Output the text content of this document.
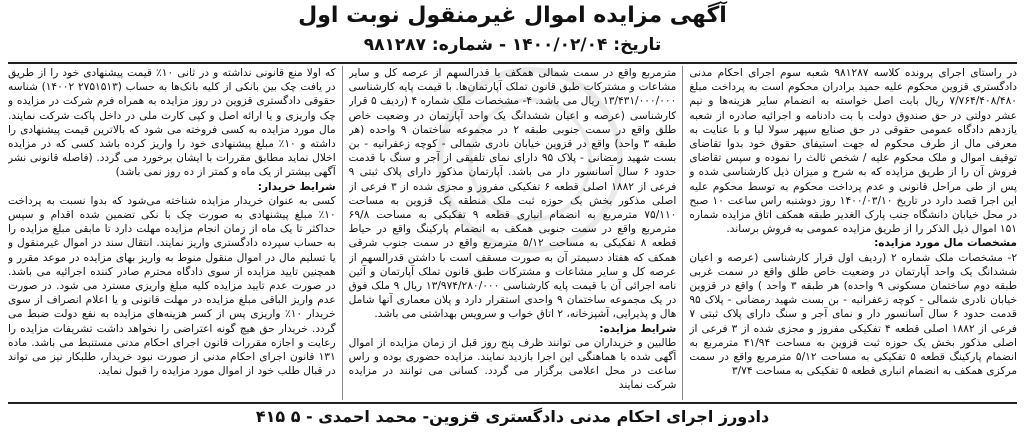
آگهی مزایده اموال غیرمنقول نوبت اول
تاریخ: ۱۴۰۰/۰۲/۰۴ - شماره: ۹۸۱۲۸۷

در راستای اجرای پرونده کلاسه ۹۸۱۲۸۷ شعبه سوم اجرای احکام مدنی دادگستری قزوین محکوم علیه حمید برادران محکوم است به پرداخت مبلغ ۷/۷۶۴/۴۰۸/۴۸۰ ریال بابت اصل خواسته به انضمام سایر هزینه‌ها و نیم عشر دولتی در حق صندوق دولت با بت دادنامه و اجرائیه صادره از شعبه یازدهم دادگاه عمومی حقوقی در حق صنایع سپهر سولا لیا و با عنایت به معرفی مال از طرف محکوم له جهت استیفای حقوق خود بدوا تقاضای توقیف اموال و ملک محکوم علیه / شخص ثالث را نموده و سپس تقاضای فروش آن را از طریق مزایده که به شرح و میزان ذیل کارشناسی شده و پس از طی مراحل قانونی و عدم پرداخت محکوم به توسط محکوم علیه این اجرا قصد دارد در تاریخ ۱۴۰۰/۰۳/۱۰ روز دوشنبه راس ساعت ۱۰ صبح در محل خیابان دانشگاه جنب پارک الغدیر طبقه همکف اتاق مزایده شماره ۱۵۱ اموال ذیل الذکر را از طریق مزایده عمومی به فروش برساند.

مشخصات مال مورد مزایده:

۲- مشخصات ملک شماره ۲ (ردیف اول قرار کارشناسی (عرصه و اعیان ششدانگ یک واحد آپارتمان در وضعیت خاص طلق واقع در سمت غربی طبقه دوم ساختمان مسکونی ۹ واحده) هر طبقه ۳ واحد ) واقع در قزوین خیابان نادری شمالی - کوچه زعفرانیه - بن بست شهید رمضانی - پلاک ۹۵ قدمت حدود ۶ سال آسانسور دار و نمای آجر و سنگ دارای پلاک ثبتی ۷ فرعی از ۱۸۸۲ اصلی قطعه ۴ تفکیکی مفروز و مجزی شده از ۳ فرعی از اصلی مذکور بخش یک حوزه ثبت قزوین به مساحت ۴۱/۹۴ مترمربع به انضمام پارکینگ قطعه ۵ تفکیکی به مساحت ۵/۱۲ مترمربع واقع در سمت مرکزی همکف به انضمام انباری قطعه ۵ تفکیکی به مساحت ۳/۷۴

مترمربع واقع در سمت شمالی همکف با قدرالسهم از عرصه کل و سایر مشاعات و مشترکات طبق قانون تملک آپارتمان‌ها. با قیمت پایه کارشناسی ۱۳/۴۳۱/۰۰۰/۰۰۰ ریال می باشد. ۴- مشخصات ملک شماره ۴ (ردیف ۵ قرار کارشناسی (عرصه و اعیان ششدانگ یک واحد آپارتمان در وضعیت خاص طلق واقع در سمت جنوبی طبقه ۲ در مجموعه ساختمان ۹ واحده (هر طبقه ۳ واحد) واقع در قزوین خیابان نادری شمالی - کوچه زعفرانیه - بن بست شهید رمضانی - پلاک ۹۵ دارای نمای تلفیقی از آجر و سنگ با قدمت حدود ۶ سال آسانسور دار می باشد. آپارتمان مذکور دارای پلاک ثبتی ۹ فرعی از ۱۸۸۲ اصلی قطعه ۶ تفکیکی مفروز و مجزی شده از ۳ فرعی از اصلی مذکور بخش یک حوزه ثبت ملک منطقه یک قزوین به مساحت ۷۵/۱۱۰ مترمربع به انضمام انباری قطعه ۹ تفکیکی به مساحت ۶۹/۸ مترمربع واقع در سمت جنوبی همکف به انضمام پارکینگ واقع در حیاط قطعه ۸ تفکیکی به مساحت ۵/۱۲ مترمربع واقع در سمت جنوب شرقی همکف که هفتاد دسیمتر آن به صورت مسقف است با داشتن قدرالسهم از عرصه کل و سایر مشاعات و مشترکات طبق قانون تملک آپارتمان و آئین نامه اجرائی آن با قیمت پایه کارشناسی ۱۳/۹۷۴/۲۸۰/۰۰۰ ریال ۹ ملک فوق در یک مجموعه ساختمان ۹ واحدی استقرار دارد و پلان معماری آنها شامل هال و پذیرایی، آشپزخانه، ۲ اتاق خواب و سرویس بهداشتی می باشد.

شرایط مزایده:

طالبین و خریداران می توانند ظرف پنج روز قبل از زمان مزایده از اموال آگهی شده با هماهنگی این اجرا بازدید نمایند. مزایده حضوری بوده و راس ساعت در محل اعلامی برگزار می گردد. کسانی می توانند در مزایده شرکت نمایند

که اولا منع قانونی نداشته و در ثانی ۱۰٪ قیمت پیشنهادی خود را از طریق در یافت چک بین بانکی از کلیه بانک‌ها به حساب (۲۷۵۱۵۱۳ ۱۴۰۰۲) شناسه حقوقی دادگستری قزوین در روز مزایده به همراه فرم شرکت در مزایده و چک واریزی و یا ارائه اصل و کپی کارت ملی در داخل پاکت شرکت نمایند. مال مورد مزایده به کسی فروخته می شود که بالاترین قیمت پیشنهادی را داشته و ۱۰٪ مبلغ پیشنهادی خود را واریز کرده باشد کسی که در مزایده اخلال نماید مطابق مقررات با ایشان برخورد می گردد. (فاصله قانونی نشر آگهی بیشتر از یک ماه و کمتر از ده روز نمی باشد)

شرایط خریدار:

کسی به عنوان خریدار مزایده شناخته می‌شود که بدوا نسبت به پرداخت ۱۰٪ مبلغ پیشنهادی به صورت چک با نکی تضمین شده اقدام و سپس حداکثر تا یک ماه از زمان انجام مزایده مهلت دارد تا مابقی مبلغ مزایده را به حساب سپرده دادگستری واریز نمایند. انتقال سند در اموال غیرمنقول و یا تسلیم مال در اموال منقول منوط به واریز بهای مزایده در موعد مقرر و همچنین تایید مزایده از سوی دادگاه محترم صادر کننده اجرائیه می باشد. در صورت عدم تایید مزایده کلیه مبلغ واریزی مسترد می شود. در صورت عدم واریز الباقی مبلغ مزایده در مهلت قانونی و یا اعلام انصراف از سوی خریدار ۱۰٪ واریزی پس از کسر هزینه‌های مزایده به نفع دولت ضبط می گردد. خریدار حق هیچ گونه اعتراضی را نخواهد داشت تشریفات مزایده را رعایت و اجازه مقررات قانون اجرای احکام مدنی مستنبط می باشد. ماده ۱۳۱ قانون اجرای احکام مدنی از صورت نبود خریدار، طلبکار نیز می تواند در قبال طلب خود از اموال مورد مزایده را قبول نماید.

دادورز اجرای احکام مدنی دادگستری قزوین- محمد احمدی - ۵ ۴۱۵
